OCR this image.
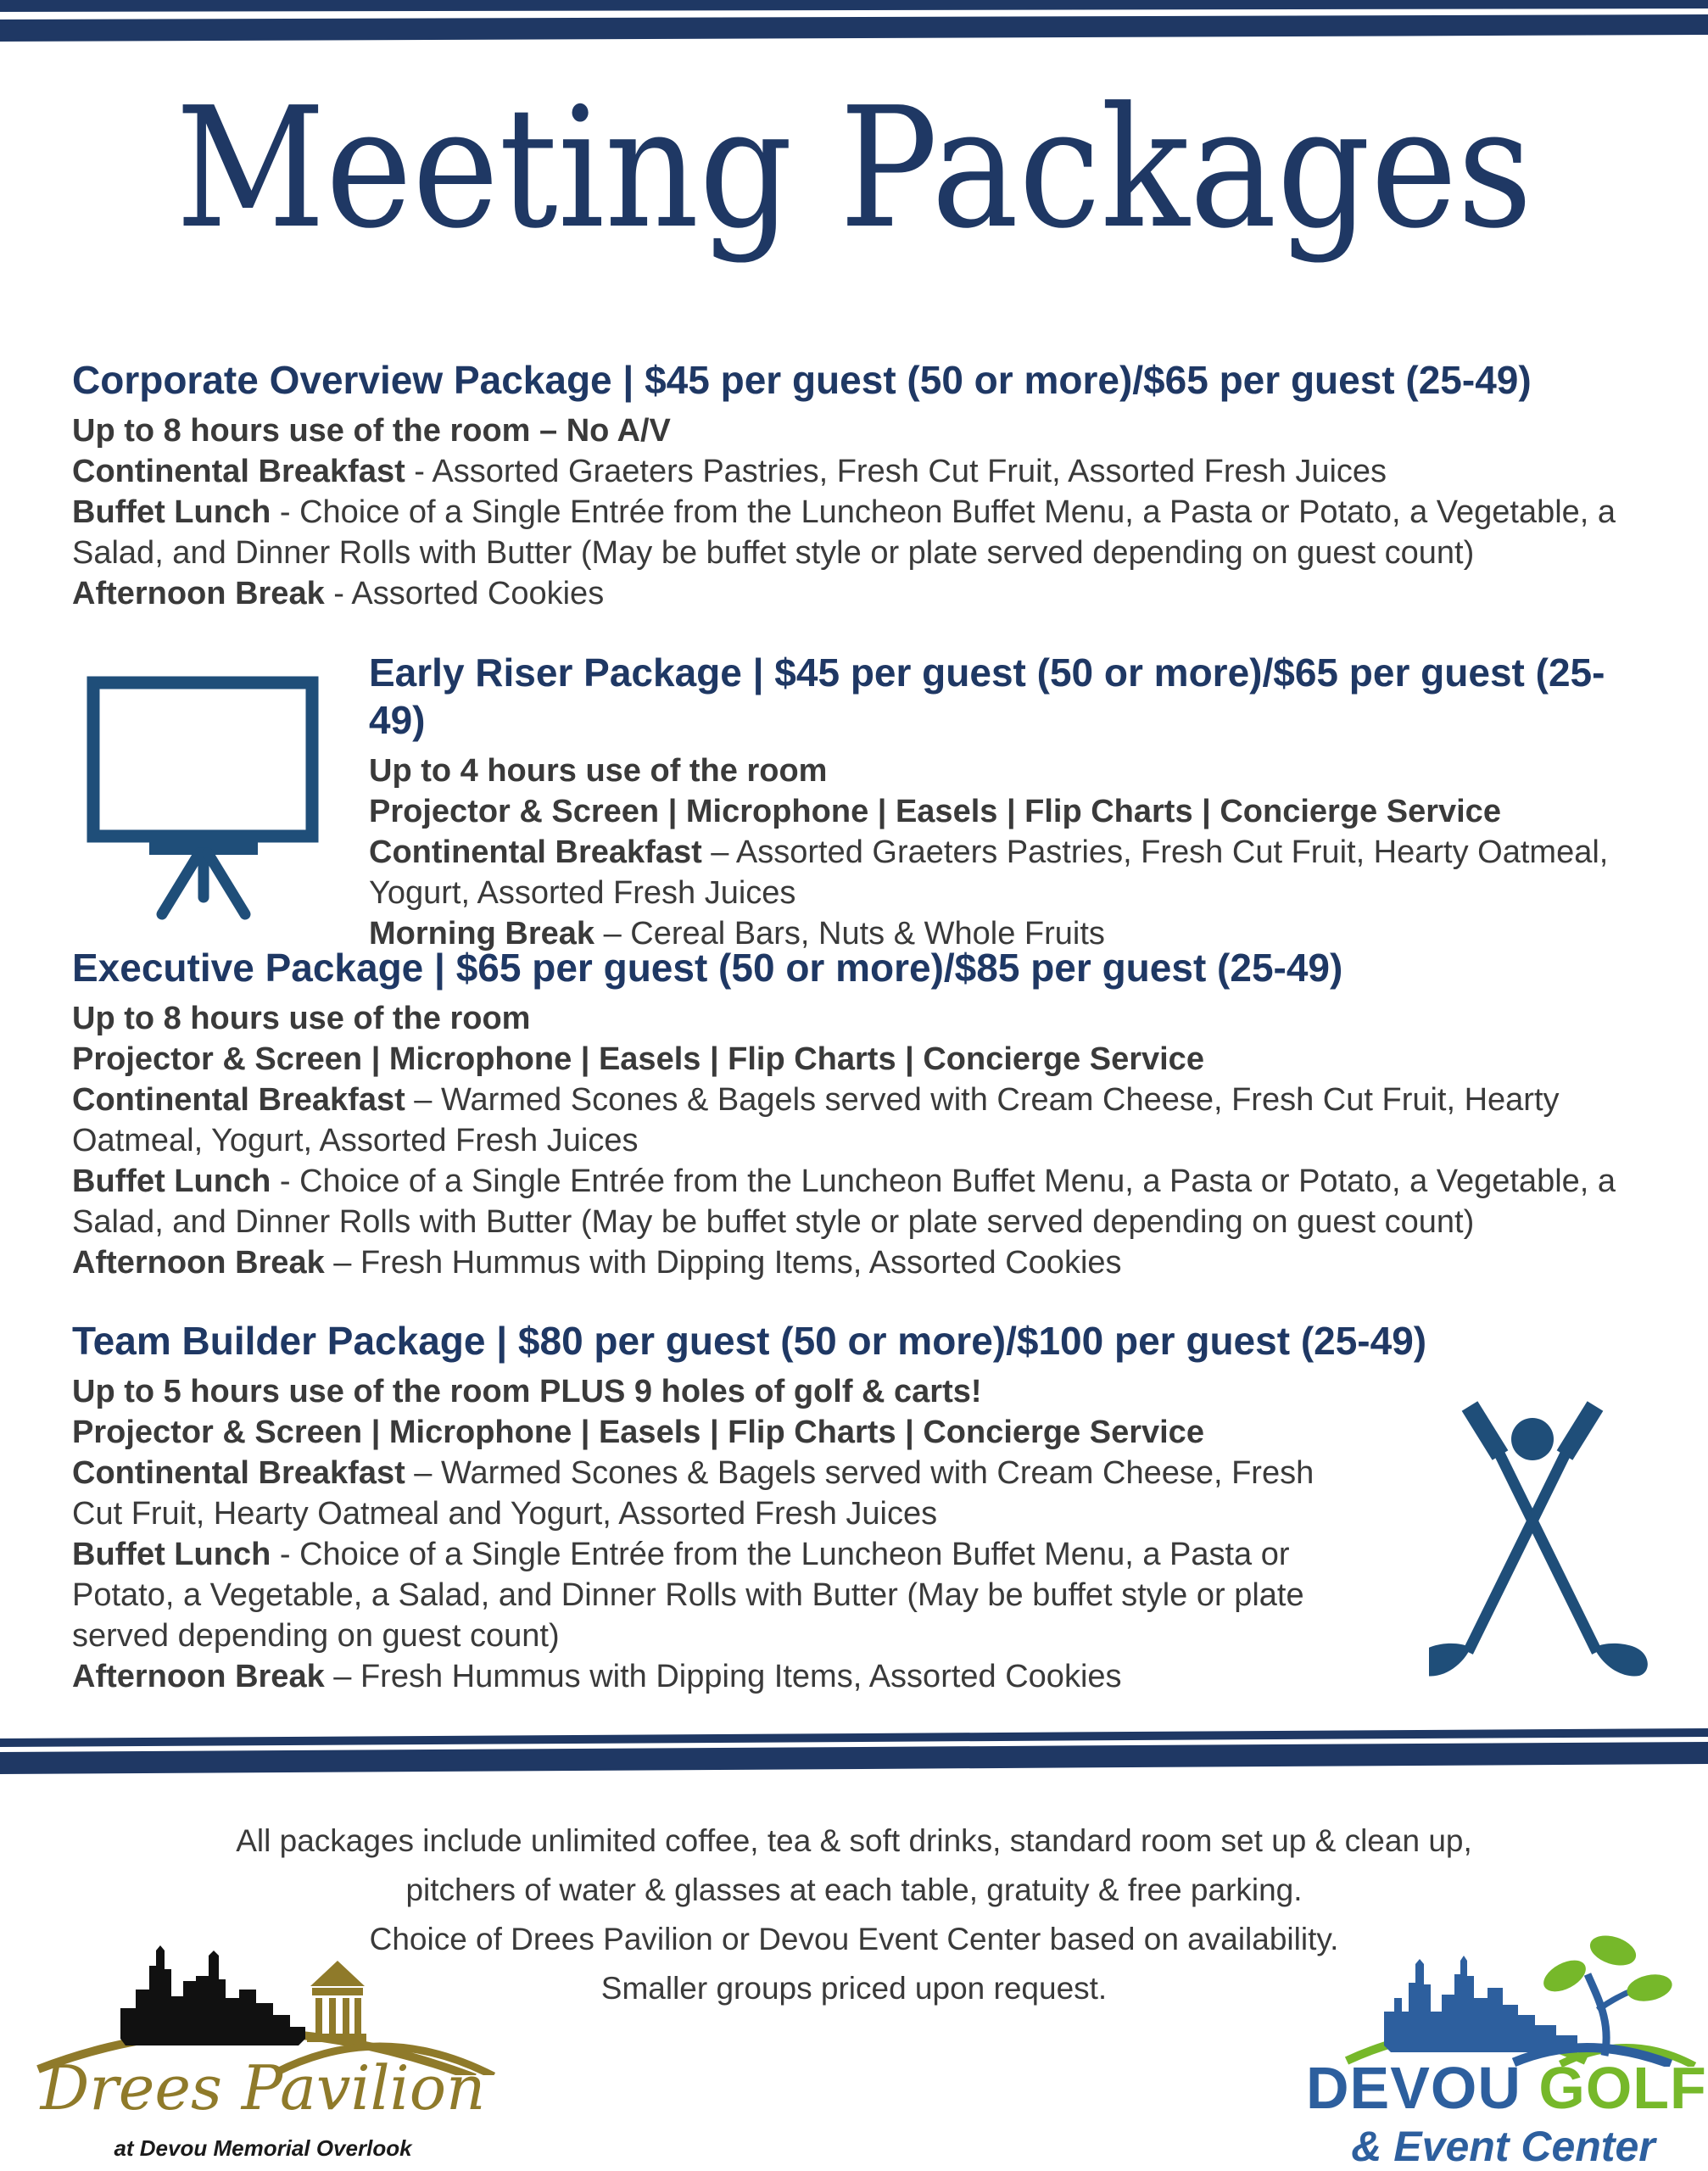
Meeting Packages
Corporate Overview Package | $45 per guest (50 or more)/$65 per guest (25-49)
Up to 8 hours use of the room – No A/V
Continental Breakfast - Assorted Graeters Pastries, Fresh Cut Fruit, Assorted Fresh Juices
Buffet Lunch - Choice of a Single Entrée from the Luncheon Buffet Menu, a Pasta or Potato, a Vegetable, a Salad, and Dinner Rolls with Butter (May be buffet style or plate served depending on guest count)
Afternoon Break - Assorted Cookies
Early Riser Package | $45 per guest (50 or more)/$65 per guest (25-49)
Up to 4 hours use of the room
Projector & Screen | Microphone | Easels | Flip Charts | Concierge Service
Continental Breakfast – Assorted Graeters Pastries, Fresh Cut Fruit, Hearty Oatmeal, Yogurt, Assorted Fresh Juices
Morning Break – Cereal Bars, Nuts & Whole Fruits
Executive Package | $65 per guest (50 or more)/$85 per guest (25-49)
Up to 8 hours use of the room
Projector & Screen | Microphone | Easels | Flip Charts | Concierge Service
Continental Breakfast – Warmed Scones & Bagels served with Cream Cheese, Fresh Cut Fruit, Hearty Oatmeal, Yogurt, Assorted Fresh Juices
Buffet Lunch - Choice of a Single Entrée from the Luncheon Buffet Menu, a Pasta or Potato, a Vegetable, a Salad, and Dinner Rolls with Butter (May be buffet style or plate served depending on guest count)
Afternoon Break – Fresh Hummus with Dipping Items, Assorted Cookies
Team Builder Package | $80 per guest (50 or more)/$100 per guest (25-49)
Up to 5 hours use of the room PLUS 9 holes of golf & carts!
Projector & Screen | Microphone | Easels | Flip Charts | Concierge Service
Continental Breakfast – Warmed Scones & Bagels served with Cream Cheese, Fresh Cut Fruit, Hearty Oatmeal and Yogurt, Assorted Fresh Juices
Buffet Lunch - Choice of a Single Entrée from the Luncheon Buffet Menu, a Pasta or Potato, a Vegetable, a Salad, and Dinner Rolls with Butter (May be buffet style or plate served depending on guest count)
Afternoon Break – Fresh Hummus with Dipping Items, Assorted Cookies
All packages include unlimited coffee, tea & soft drinks, standard room set up & clean up,
pitchers of water & glasses at each table, gratuity & free parking.
Choice of Drees Pavilion or Devou Event Center based on availability.
Smaller groups priced upon request.
Drees Pavilion
at Devou Memorial Overlook
DEVOU GOLF
& Event Center
